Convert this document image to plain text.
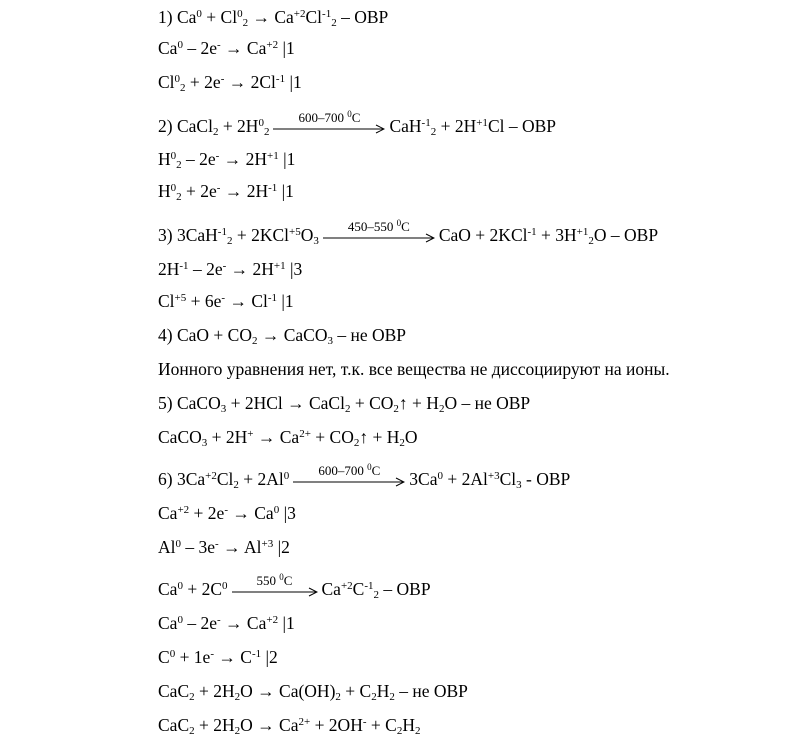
1) $Ca^0 + Cl^0_2 \to Ca^{+2}Cl^{-1}_2$ – ОВР
$Ca^0 - 2e^- \to Ca^{+2}$ |1
$Cl^0_2 + 2e^- \to 2Cl^{-1}$ |1
2) CaCl$_2$ + $2H^0_2$
600–700 $^0$C	$CaH^{-1}_2 + 2H^{+1}Cl$ – ОВР
$H^0_2 - 2e^- \to 2H^{+1}$ |1
$H^0_2 + 2e^- \to 2H^{-1}$ |1
3) $3CaH^{-1}_2 + 2KCl^{+5}O_3$
450–550 $^0$C	CaO + $2KCl^{-1} + 3H^{+1}_2O$ – ОВР
$2H^{-1} - 2e^- \to 2H^{+1}$ |3
$Cl^{+5} + 6e^- \to Cl^{-1}$ |1
4) CaO + $CO_2$ → CaCO$_3$ – не ОВР
Ионного уравнения нет, т.к. все вещества не диссоциируют на ионы.
5) CaCO$_3$ + 2HCl → CaCl$_2$ + $CO_2↑ + H_2O$ – не ОВР
CaCO$_3$ + $2H^+ \to Ca^{2+}$ + $CO_2↑ + H_2O$
6) $3Ca^{+2}Cl_2 + 2Al^0$	600–700 $^0$C	$3Ca^0 + 2Al^{+3}Cl_3$ - ОВР
$Ca^{+2} + 2e^- \to Ca^0$ |3
$Al^0 - 3e^- \to Al^{+3}$ |2
$Ca^0 + 2C^0$	550 $^0$C	$Ca^{+2}C^{-1}_2$ – ОВР
$Ca^0 - 2e^- \to Ca^{+2}$ |1
$C^0 + 1e^- \to C^{-1}$ |2
$CaC_2 + 2H_2O \to Ca(OH)_2 + C_2H_2$ – не ОВР
$CaC_2 + 2H_2O \to Ca^{2+} + 2OH^- + C_2H_2$
